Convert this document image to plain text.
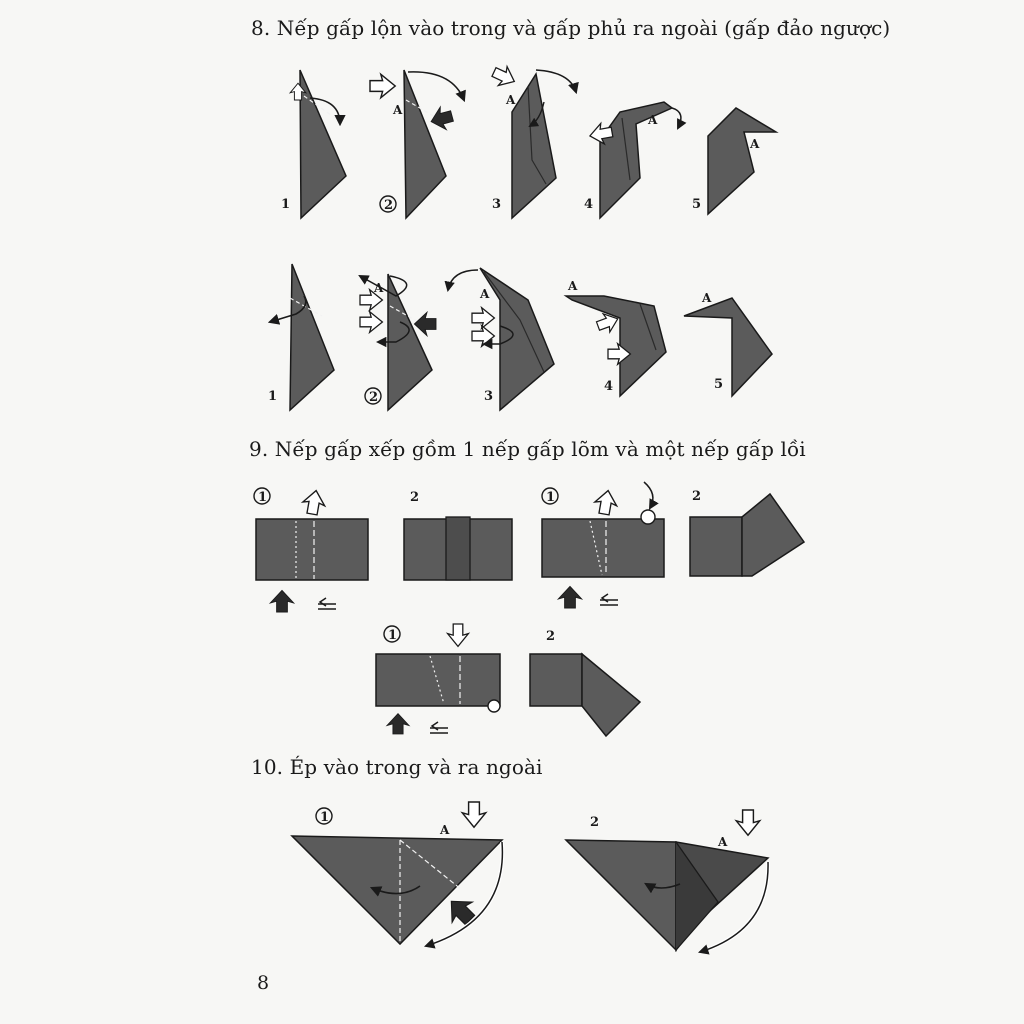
8. Nếp gấp lộn vào trong và gấp phủ ra ngoài (gấp đảo ngược)

9. Nếp gấp xếp gồm 1 nếp gấp lõm và một nếp gấp lồi

10. Ép vào trong và ra ngoài

8
1
A
2
A
3
A
4
A
5
1
A
2
A
3
A
4
A
5
1	2	1	2
1	2
A
1
A
2
